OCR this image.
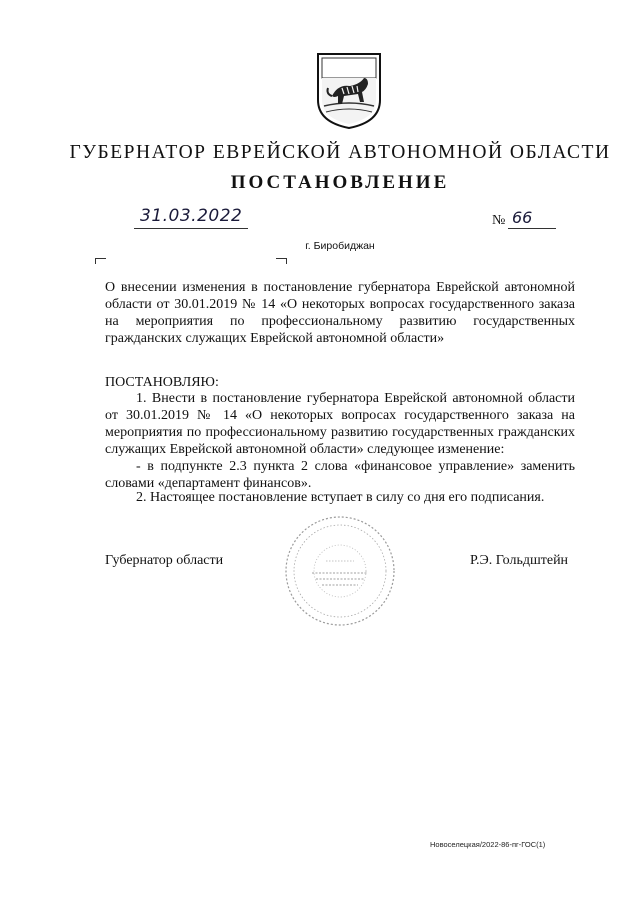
ГУБЕРНАТОР ЕВРЕЙСКОЙ АВТОНОМНОЙ ОБЛАСТИ
ПОСТАНОВЛЕНИЕ
31.03.2022	№ 66
г. Биробиджан
О внесении изменения в постановление губернатора Еврейской автономной области от 30.01.2019 № 14 «О некоторых вопросах государственного заказа на мероприятия по профессиональному развитию государственных гражданских служащих Еврейской автономной области»
ПОСТАНОВЛЯЮ:
1. Внести в постановление губернатора Еврейской автономной области от 30.01.2019 № 14 «О некоторых вопросах государственного заказа на мероприятия по профессиональному развитию государственных гражданских служащих Еврейской автономной области» следующее изменение:
- в подпункте 2.3 пункта 2 слова «финансовое управление» заменить словами «департамент финансов».
2. Настоящее постановление вступает в силу со дня его подписания.
Губернатор области	Р.Э. Гольдштейн
Новоселецкая/2022-86-пг-ГОС(1)
